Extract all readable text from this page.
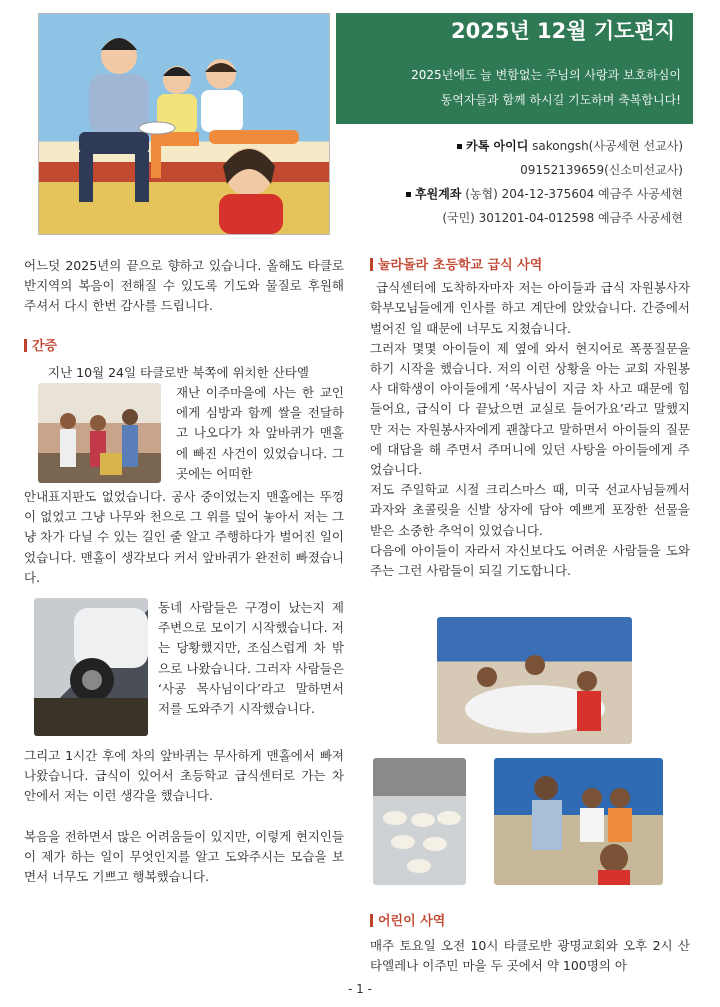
2025년 12월 기도편지
2025년에도 늘 변함없는 주님의 사랑과 보호하심이
동역자들과 함께 하시길 기도하며 축복합니다!
카톡 아이디 sakongsh(사공세현 선교사)
09152139659(신소미선교사)
후원계좌 (농협) 204-12-375604 예금주 사공세현
(국민) 301201-04-012598 예금주 사공세현

어느덧 2025년의 끝으로 향하고 있습니다. 올해도 타클로반지역의 복음이 전해질 수 있도록 기도와 물질로 후원해 주셔서 다시 한번 감사를 드립니다.

간증
지난 10월 24일 타클로반 북쪽에 위치한 산타엘
재난 이주마을에 사는 한 교인에게 심방과 함께 쌀을 전달하고 나오다가 차 앞바퀴가 맨홀에 빠진 사건이 있었습니다. 그곳에는 어떠한
안내표지판도 없었습니다. 공사 중이었는지 맨홀에는 뚜껑이 없었고 그냥 나무와 천으로 그 위를 덮어 놓아서 저는 그냥 차가 다닐 수 있는 길인 줄 알고 주행하다가 벌어진 일이었습니다. 맨홀이 생각보다 커서 앞바퀴가 완전히 빠졌습니다.
동네 사람들은 구경이 났는지 제 주변으로 모이기 시작했습니다. 저는 당황했지만, 조심스럽게 차 밖으로 나왔습니다. 그러자 사람들은 ‘사공 목사님이다’라고 말하면서 저를 도와주기 시작했습니다.
그리고 1시간 후에 차의 앞바퀴는 무사하게 맨홀에서 빠져나왔습니다. 급식이 있어서 초등학교 급식센터로 가는 차 안에서 저는 이런 생각을 했습니다.
복음을 전하면서 많은 어려움들이 있지만, 이렇게 현지인들이 제가 하는 일이 무엇인지를 알고 도와주시는 모습을 보면서 너무도 기쁘고 행복했습니다.
눌라돌라 초등학교 급식 사역
급식센터에 도착하자마자 저는 아이들과 급식 자원봉사자 학부모님들에게 인사를 하고 계단에 앉았습니다. 간증에서 벌어진 일 때문에 너무도 지쳤습니다.
그러자 몇몇 아이들이 제 옆에 와서 현지어로 폭풍질문을 하기 시작을 했습니다. 저의 이런 상황을 아는 교회 자원봉사 대학생이 아이들에게 ‘목사님이 지금 차 사고 때문에 힘들어요, 급식이 다 끝났으면 교실로 들어가요’라고 말했지만 저는 자원봉사자에게 괜찮다고 말하면서 아이들의 질문에 대답을 해 주면서 주머니에 있던 사탕을 아이들에게 주었습니다.
저도 주일학교 시절 크리스마스 때, 미국 선교사님들께서 과자와 초콜릿을 신발 상자에 담아 예쁘게 포장한 선물을 받은 소중한 추억이 있었습니다.
다음에 아이들이 자라서 자신보다도 어려운 사람들을 도와주는 그런 사람들이 되길 기도합니다.
어린이 사역
매주 토요일 오전 10시 타클로반 광명교회와 오후 2시 산타엘레나 이주민 마을 두 곳에서 약 100명의 아
- 1 -
